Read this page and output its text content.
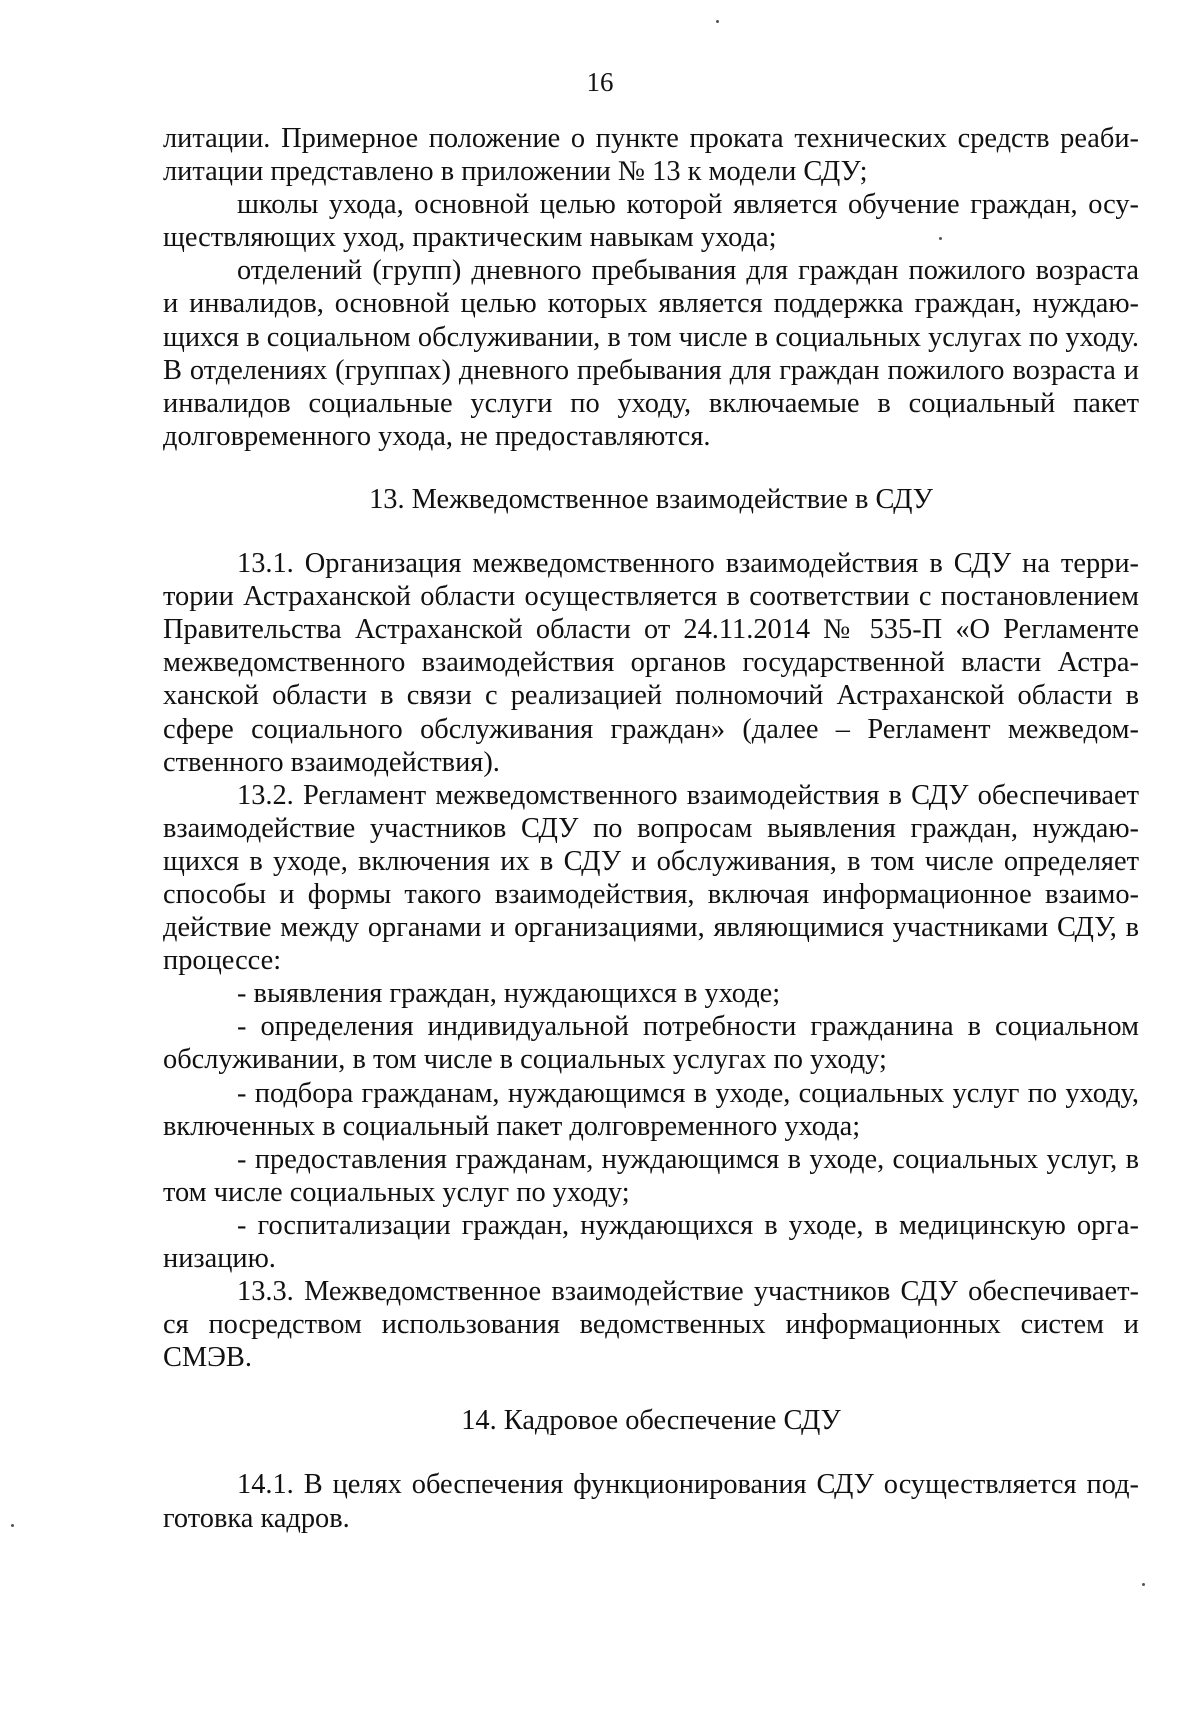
16

литации. Примерное положение о пункте проката технических средств реабилитации представлено в приложении № 13 к модели СДУ;

школы ухода, основной целью которой является обучение граждан, осуществляющих уход, практическим навыкам ухода;

отделений (групп) дневного пребывания для граждан пожилого возраста и инвалидов, основной целью которых является поддержка граждан, нуждающихся в социальном обслуживании, в том числе в социальных услугах по уходу. В отделениях (группах) дневного пребывания для граждан пожилого возраста и инвалидов социальные услуги по уходу, включаемые в социальный пакет долговременного ухода, не предоставляются.

13. Межведомственное взаимодействие в СДУ

13.1. Организация межведомственного взаимодействия в СДУ на территории Астраханской области осуществляется в соответствии с постановлением Правительства Астраханской области от 24.11.2014 № 535-П «О Регламенте межведомственного взаимодействия органов государственной власти Астраханской области в связи с реализацией полномочий Астраханской области в сфере социального обслуживания граждан» (далее – Регламент межведомственного взаимодействия).

13.2. Регламент межведомственного взаимодействия в СДУ обеспечивает взаимодействие участников СДУ по вопросам выявления граждан, нуждающихся в уходе, включения их в СДУ и обслуживания, в том числе определяет способы и формы такого взаимодействия, включая информационное взаимодействие между органами и организациями, являющимися участниками СДУ, в процессе:

- выявления граждан, нуждающихся в уходе;

- определения индивидуальной потребности гражданина в социальном обслуживании, в том числе в социальных услугах по уходу;

- подбора гражданам, нуждающимся в уходе, социальных услуг по уходу, включенных в социальный пакет долговременного ухода;

- предоставления гражданам, нуждающимся в уходе, социальных услуг, в том числе социальных услуг по уходу;

- госпитализации граждан, нуждающихся в уходе, в медицинскую организацию.

13.3. Межведомственное взаимодействие участников СДУ обеспечивается посредством использования ведомственных информационных систем и СМЭВ.

14. Кадровое обеспечение СДУ

14.1. В целях обеспечения функционирования СДУ осуществляется подготовка кадров.
